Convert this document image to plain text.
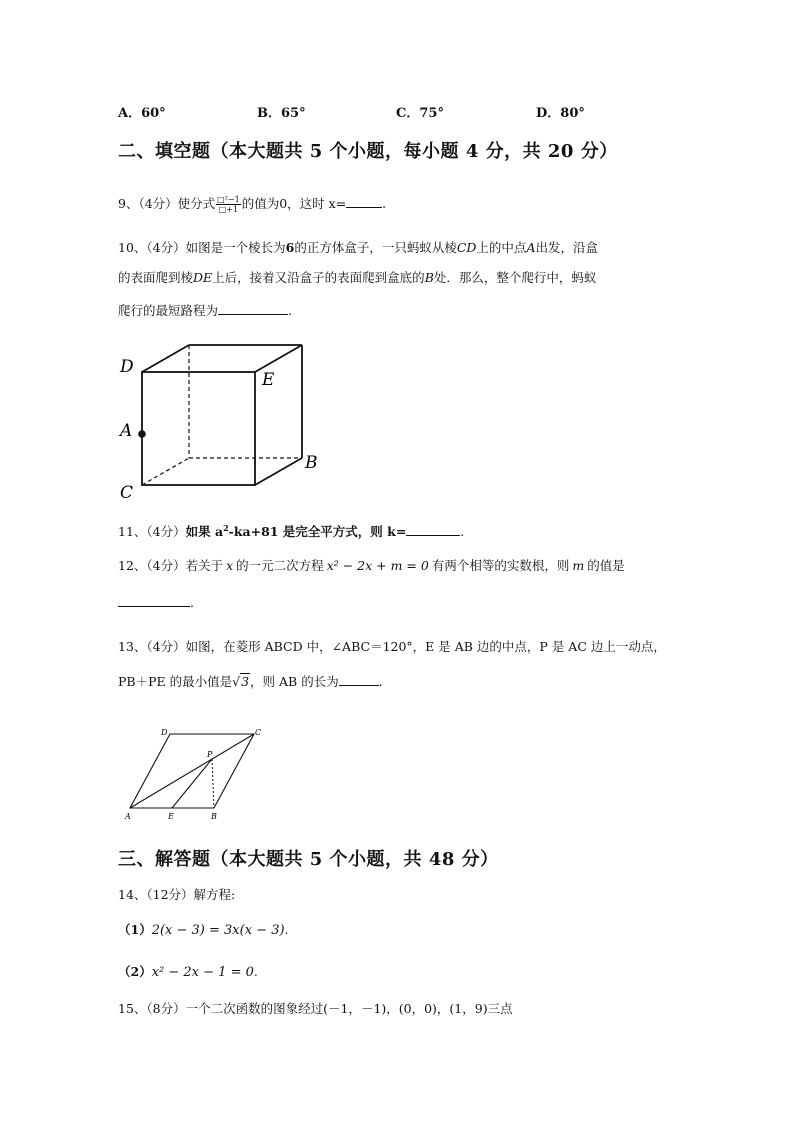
A．60°	B．65°	C．75°	D．80°
二、填空题（本大题共 5 个小题，每小题 4 分，共 20 分）
9、（4分）使分式 $\frac{\text{□²−1}}{□+1}$ 的值为0，这时 x=	.
10、（4分）如图是一个棱长为6的正方体盒子，一只蚂蚁从棱CD上的中点A出发，沿盒
的表面爬到棱DE上后，接着又沿盒子的表面爬到盒底的B处．那么，整个爬行中，蚂蚁
爬行的最短路程为	.
D
E
A
B
C
11、（4分）如果 $a^2-ka+81$ 是完全平方式，则 k=	.
12、（4分）若关于 x 的一元二次方程 x² − 2x + m = 0 有两个相等的实数根，则 m 的值是
.
13、（4分）如图，在菱形 ABCD 中，∠ABC＝120°，E 是 AB 边的中点，P 是 AC 边上一动点，
PB＋PE 的最小值是√3，则 AB 的长为	.
D	C
P
A	E	B
三、解答题（本大题共 5 个小题，共 48 分）
14、（12分）解方程:
（1）2(x − 3) = 3x(x − 3).
（2）x² − 2x − 1 = 0.
15、（8分）一个二次函数的图象经过(－1，－1)，(0，0)，(1，9)三点
